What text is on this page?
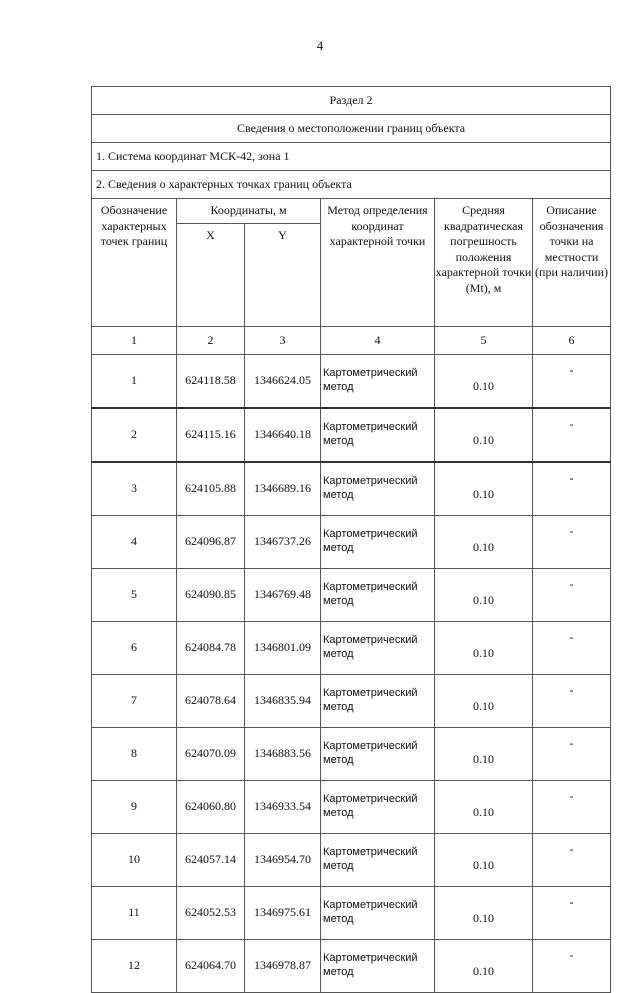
4
Раздел 2					
Сведения о местоположении границ объекта					
1. Система координат МСК-42, зона 1					
2. Сведения о характерных точках границ объекта					
Обозначение характерных точек границ	Координаты, м		Метод определения координат характерной точки	Средняя квадратическая погрешность положения характерной точки (Mt), м	Описание обозначения точки на местности (при наличии)
	X	Y			
1	2	3	4	5	6
1	624118.58	1346624.05	Картометрический метод	0.10	-
2	624115.16	1346640.18	Картометрический метод	0.10	-
3	624105.88	1346689.16	Картометрический метод	0.10	-
4	624096.87	1346737.26	Картометрический метод	0.10	-
5	624090.85	1346769.48	Картометрический метод	0.10	-
6	624084.78	1346801.09	Картометрический метод	0.10	-
7	624078.64	1346835.94	Картометрический метод	0.10	-
8	624070.09	1346883.56	Картометрический метод	0.10	-
9	624060.80	1346933.54	Картометрический метод	0.10	-
10	624057.14	1346954.70	Картометрический метод	0.10	-
11	624052.53	1346975.61	Картометрический метод	0.10	-
12	624064.70	1346978.87	Картометрический метод	0.10	-
